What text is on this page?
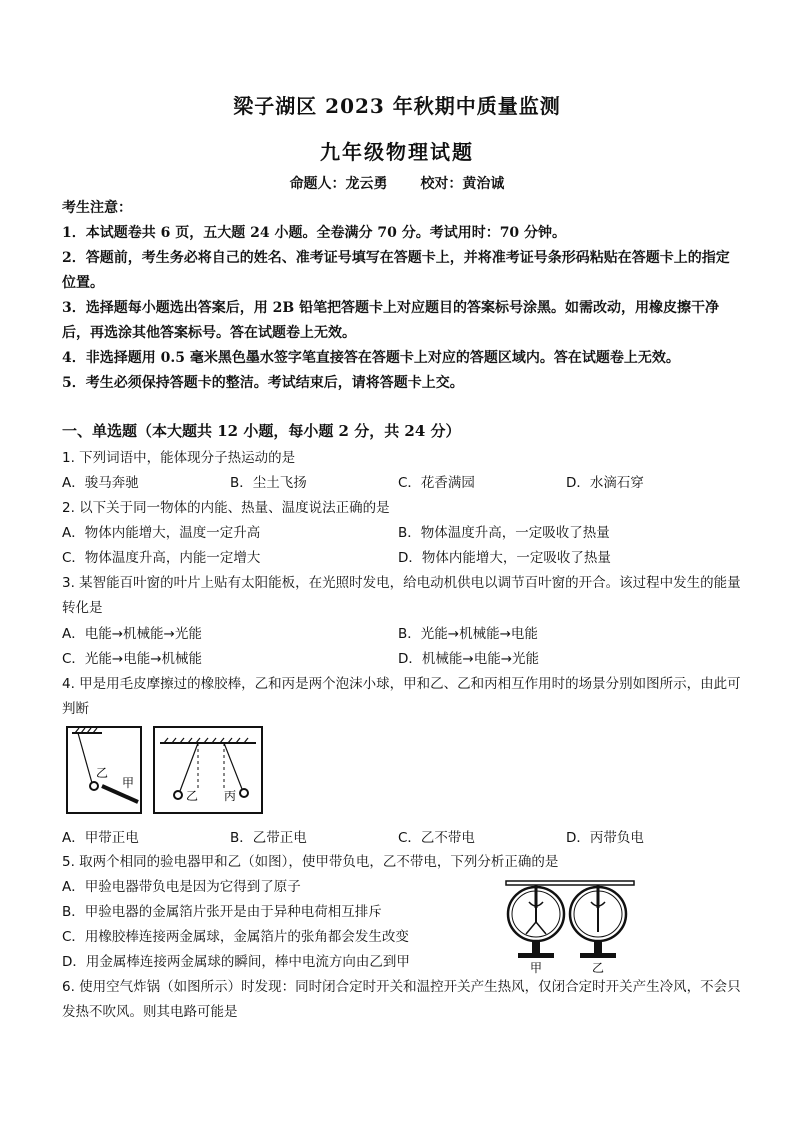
梁子湖区 2023 年秋期中质量监测
九年级物理试题
命题人：龙云勇 校对：黄治诚

考生注意：

1．本试题卷共 6 页，五大题 24 小题。全卷满分 70 分。考试用时：70 分钟。

2．答题前，考生务必将自己的姓名、准考证号填写在答题卡上，并将准考证号条形码粘贴在答题卡上的指定位置。

3．选择题每小题选出答案后，用 2B 铅笔把答题卡上对应题目的答案标号涂黑。如需改动，用橡皮擦干净后，再选涂其他答案标号。答在试题卷上无效。

4．非选择题用 0.5 毫米黑色墨水签字笔直接答在答题卡上对应的答题区域内。答在试题卷上无效。

5．考生必须保持答题卡的整洁。考试结束后，请将答题卡上交。

一、单选题（本大题共 12 小题，每小题 2 分，共 24 分）

1. 下列词语中，能体现分子热运动的是

A．骏马奔驰	B．尘土飞扬	C．花香满园	D．水滴石穿

2. 以下关于同一物体的内能、热量、温度说法正确的是

A．物体内能增大，温度一定升高	B．物体温度升高，一定吸收了热量
C．物体温度升高，内能一定增大	D．物体内能增大，一定吸收了热量

3. 某智能百叶窗的叶片上贴有太阳能板，在光照时发电，给电动机供电以调节百叶窗的开合。该过程中发生的能量转化是

A．电能→机械能→光能	B．光能→机械能→电能
C．光能→电能→机械能	D．机械能→电能→光能

4. 甲是用毛皮摩擦过的橡胶棒，乙和丙是两个泡沫小球，甲和乙、乙和丙相互作用时的场景分别如图所示，由此可判断

乙
甲
乙 丙
A．甲带正电	B．乙带正电	C．乙不带电	D．丙带负电

5. 取两个相同的验电器甲和乙（如图），使甲带负电，乙不带电，下列分析正确的是

A．甲验电器带负电是因为它得到了原子

B．甲验电器的金属箔片张开是由于异种电荷相互排斥

C．用橡胶棒连接两金属球，金属箔片的张角都会发生改变

D．用金属棒连接两金属球的瞬间，棒中电流方向由乙到甲	甲	乙

6. 使用空气炸锅（如图所示）时发现：同时闭合定时开关和温控开关产生热风，仅闭合定时开关产生冷风，不会只发热不吹风。则其电路可能是
